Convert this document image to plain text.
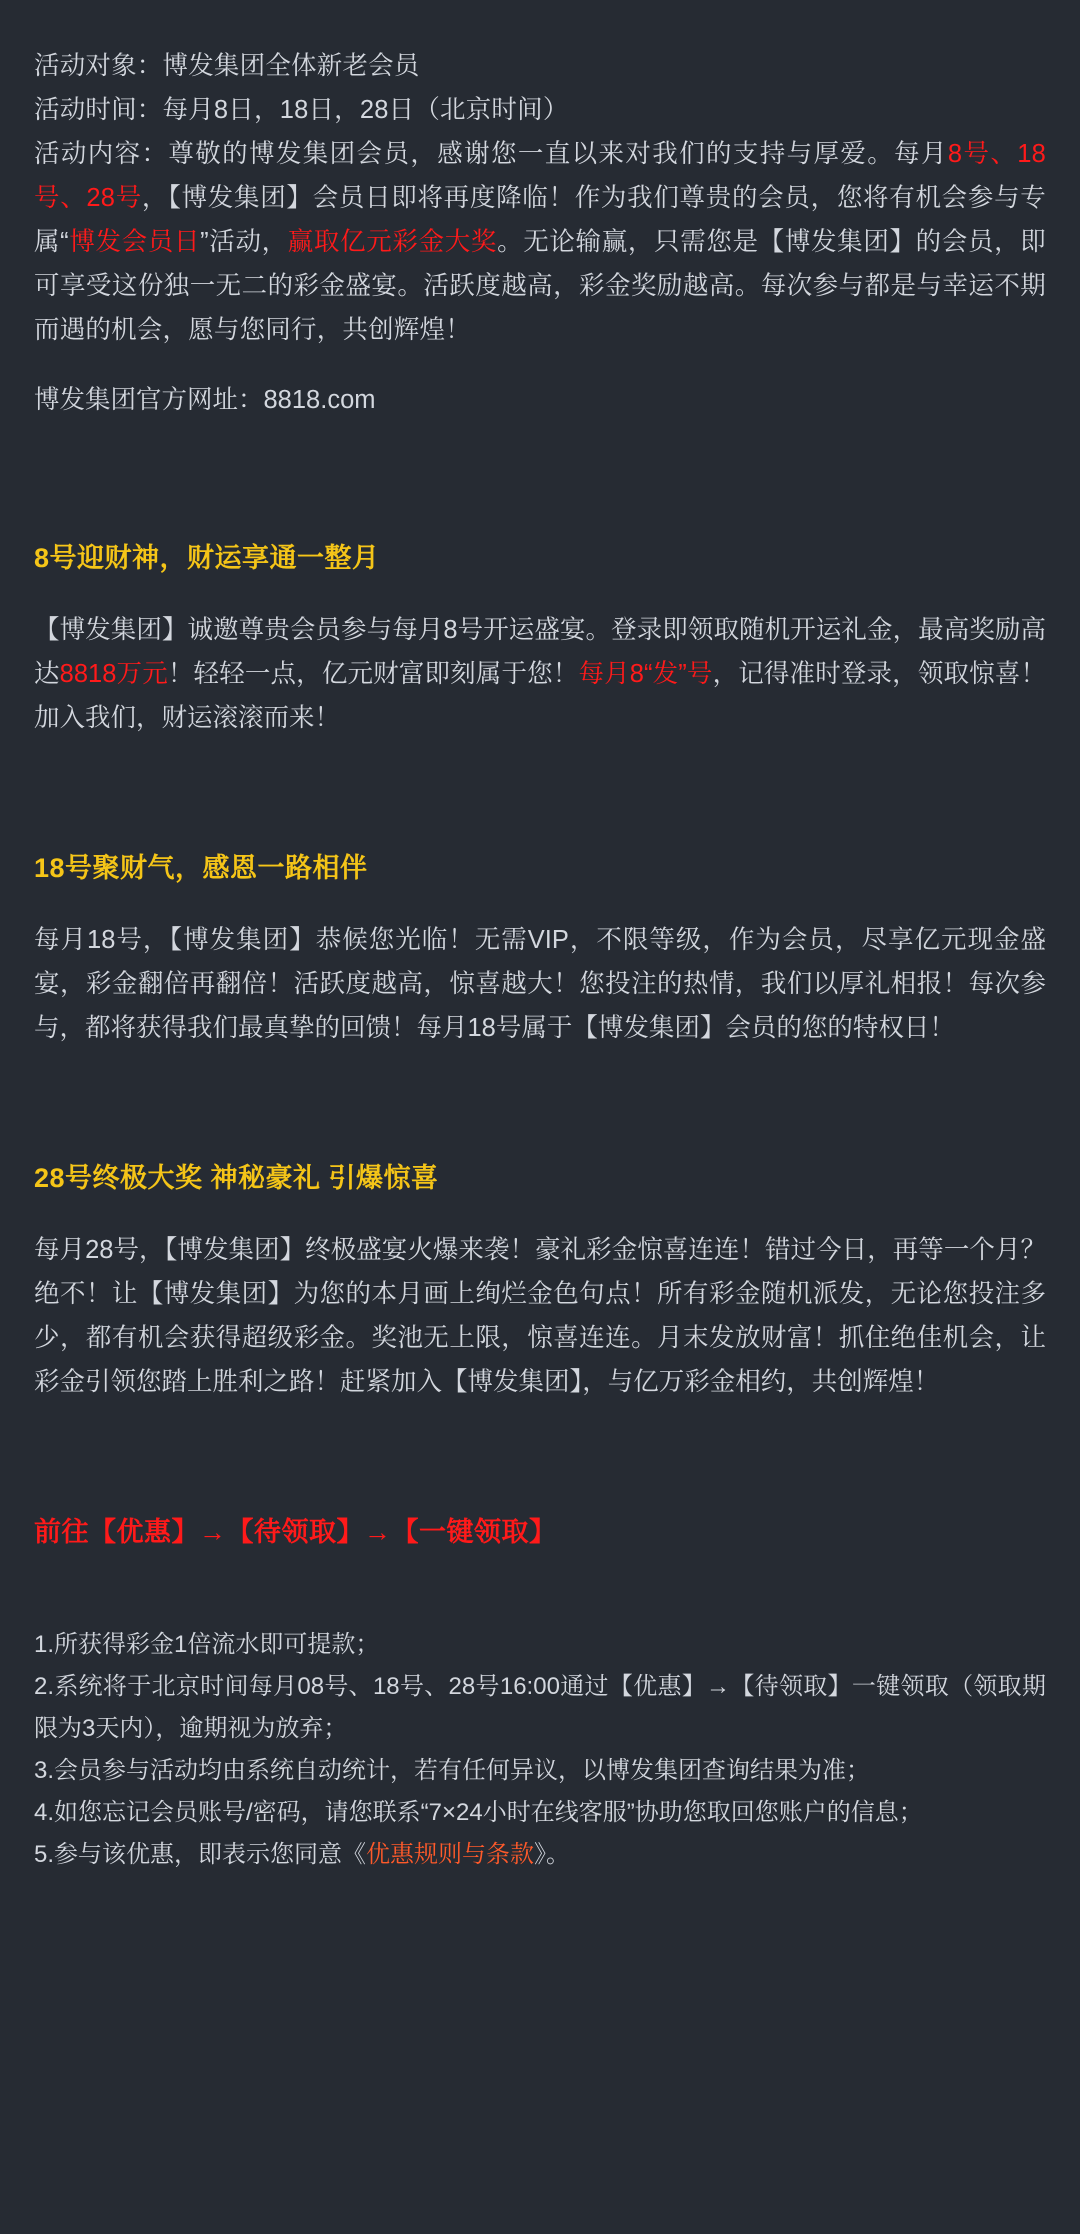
活动对象：博发集团全体新老会员
活动时间：每月8日，18日，28日（北京时间）
活动内容：尊敬的博发集团会员，感谢您一直以来对我们的支持与厚爱。每月8号、18号、28号，【博发集团】会员日即将再度降临！作为我们尊贵的会员，您将有机会参与专属“博发会员日”活动，赢取亿元彩金大奖。无论输赢，只需您是【博发集团】的会员，即可享受这份独一无二的彩金盛宴。活跃度越高，彩金奖励越高。每次参与都是与幸运不期而遇的机会，愿与您同行，共创辉煌！
博发集团官方网址：8818.com
8号迎财神，财运享通一整月
【博发集团】诚邀尊贵会员参与每月8号开运盛宴。登录即领取随机开运礼金，最高奖励高达8818万元！轻轻一点，亿元财富即刻属于您！每月8“发”号，记得准时登录，领取惊喜！加入我们，财运滚滚而来！
18号聚财气，感恩一路相伴
每月18号，【博发集团】恭候您光临！无需VIP，不限等级，作为会员，尽享亿元现金盛宴，彩金翻倍再翻倍！活跃度越高，惊喜越大！您投注的热情，我们以厚礼相报！每次参与，都将获得我们最真挚的回馈！每月18号属于【博发集团】会员的您的特权日！
28号终极大奖 神秘豪礼 引爆惊喜
每月28号，【博发集团】终极盛宴火爆来袭！豪礼彩金惊喜连连！错过今日，再等一个月？绝不！让【博发集团】为您的本月画上绚烂金色句点！所有彩金随机派发，无论您投注多少，都有机会获得超级彩金。奖池无上限，惊喜连连。月末发放财富！抓住绝佳机会，让彩金引领您踏上胜利之路！赶紧加入【博发集团】，与亿万彩金相约，共创辉煌！
前往【优惠】→【待领取】→【一键领取】
1.所获得彩金1倍流水即可提款；
2.系统将于北京时间每月08号、18号、28号16:00通过【优惠】→【待领取】一键领取（领取期限为3天内），逾期视为放弃；
3.会员参与活动均由系统自动统计，若有任何异议，以博发集团查询结果为准；
4.如您忘记会员账号/密码，请您联系“7×24小时在线客服”协助您取回您账户的信息；
5.参与该优惠，即表示您同意《优惠规则与条款》。
